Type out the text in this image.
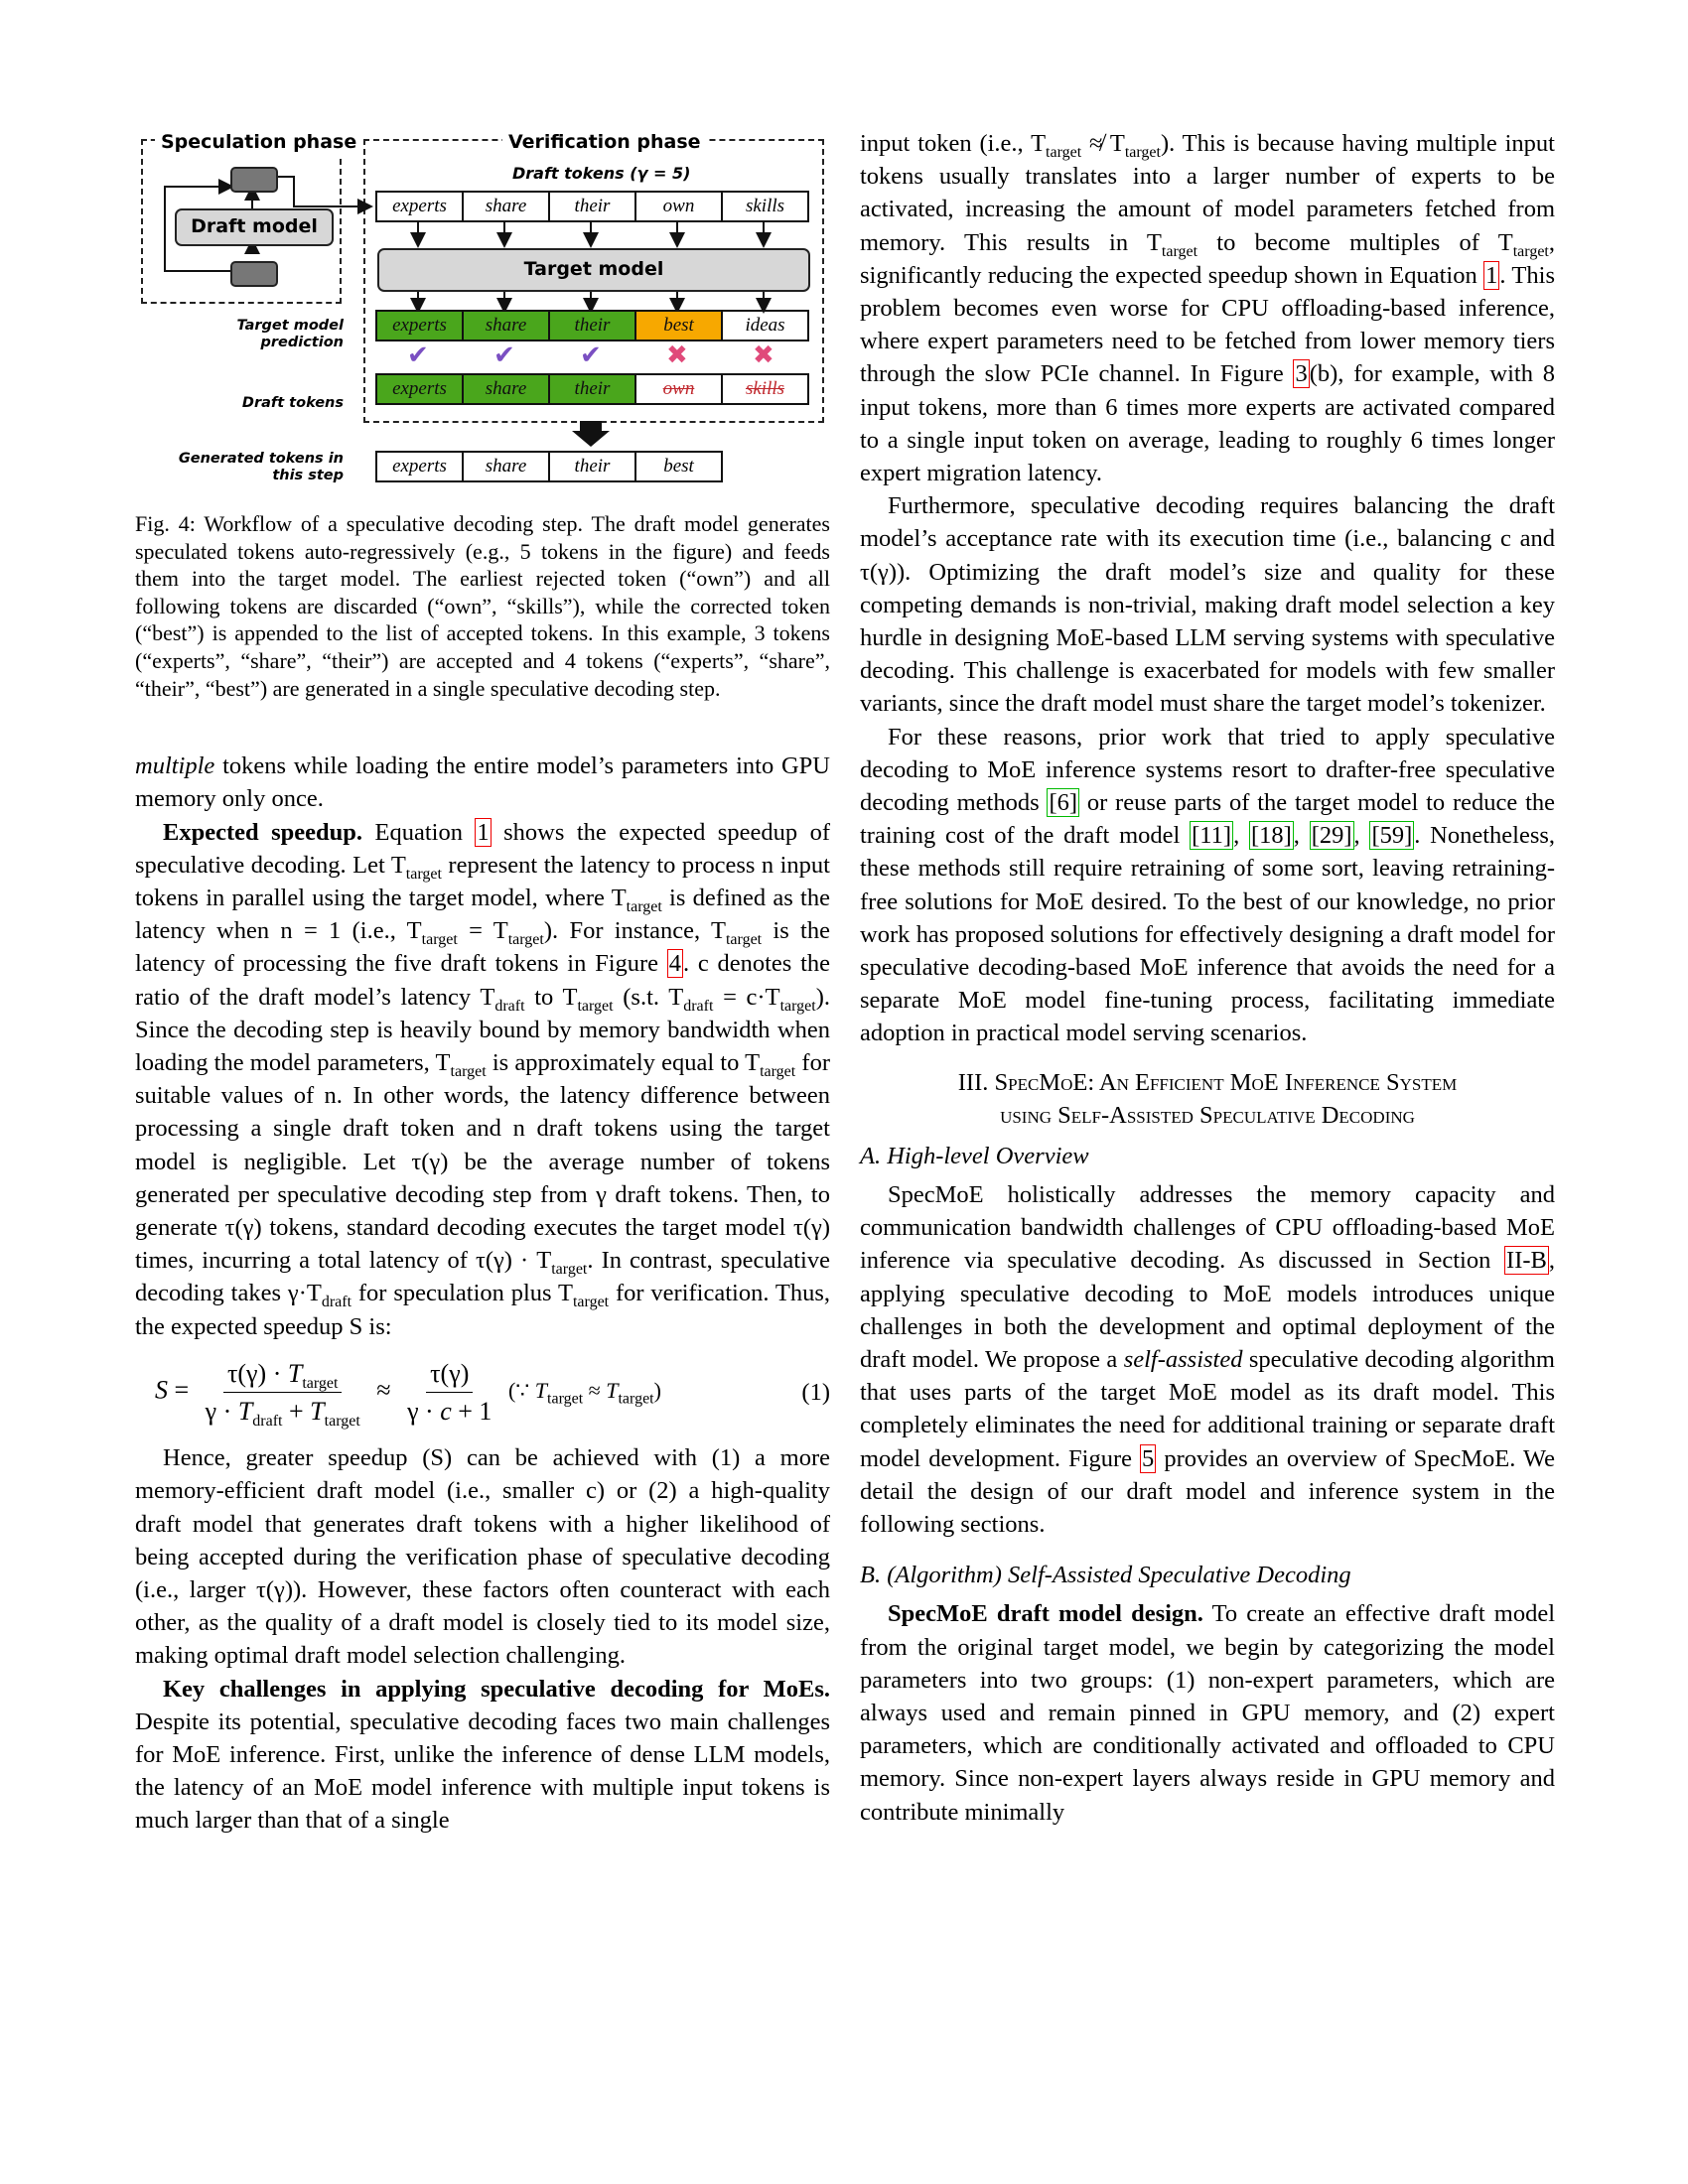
Speculation phase	Verification phase
Draft tokens (γ = 5)
Draft model
experts	share	their	own	skills
Target model
Target model prediction
experts	share	their	best	ideas
✔	✔	✔	✖	✖
Draft tokens
experts	share	their	own	skills
Generated tokens in this step	experts	share	their	best

Fig. 4: Workflow of a speculative decoding step. The draft model generates speculated tokens auto-regressively (e.g., 5 tokens in the figure) and feeds them into the target model. The earliest rejected token (“own”) and all following tokens are discarded (“own”, “skills”), while the corrected token (“best”) is appended to the list of accepted tokens. In this example, 3 tokens (“experts”, “share”, “their”) are accepted and 4 tokens (“experts”, “share”, “their”, “best”) are generated in a single speculative decoding step.

multiple tokens while loading the entire model’s parameters into GPU memory only once.

Expected speedup. Equation 1 shows the expected speedup of speculative decoding. Let $T_{target}$ represent the latency to process n input tokens in parallel using the target model, where $T_{target}$ is defined as the latency when n = 1 (i.e., $T_{target} = T_{target}$). For instance, $T_{target}$ is the latency of processing the five draft tokens in Figure 4. c denotes the ratio of the draft model’s latency $T_{draft}$ to $T_{target}$ (s.t. $T_{draft} = c\cdot T_{target}$). Since the decoding step is heavily bound by memory bandwidth when loading the model parameters, $T_{target}$ is approximately equal to $T_{target}$ for suitable values of n. In other words, the latency difference between processing a single draft token and n draft tokens using the target model is negligible. Let τ(γ) be the average number of tokens generated per speculative decoding step from γ draft tokens. Then, to generate τ(γ) tokens, standard decoding executes the target model τ(γ) times, incurring a total latency of $\tau(\gamma) \cdot T_{target}$. In contrast, speculative decoding takes $\gamma\cdot T_{draft}$ for speculation plus $T_{target}$ for verification. Thus, the expected speedup S is:

$S = \frac{\tau(\gamma) \cdot T_{target}}{\gamma \cdot T_{draft} + T_{target}} \approx \frac{\tau(\gamma)}{\gamma \cdot c + 1}$ (∵ $T_{target} \approx T_{target}$)	(1)

Hence, greater speedup (S) can be achieved with (1) a more memory-efficient draft model (i.e., smaller c) or (2) a high-quality draft model that generates draft tokens with a higher likelihood of being accepted during the verification phase of speculative decoding (i.e., larger τ(γ)). However, these factors often counteract with each other, as the quality of a draft model is closely tied to its model size, making optimal draft model selection challenging.

Key challenges in applying speculative decoding for MoEs. Despite its potential, speculative decoding faces two main challenges for MoE inference. First, unlike the inference of dense LLM models, the latency of an MoE model inference with multiple input tokens is much larger than that of a single

input token (i.e., $T_{target}$ ≉ $T_{target}$). This is because having multiple input tokens usually translates into a larger number of experts to be activated, increasing the amount of model parameters fetched from memory. This results in $T_{target}$ to become multiples of $T_{target}$, significantly reducing the expected speedup shown in Equation 1. This problem becomes even worse for CPU offloading-based inference, where expert parameters need to be fetched from lower memory tiers through the slow PCIe channel. In Figure 3(b), for example, with 8 input tokens, more than 6 times more experts are activated compared to a single input token on average, leading to roughly 6 times longer expert migration latency.

Furthermore, speculative decoding requires balancing the draft model’s acceptance rate with its execution time (i.e., balancing c and τ(γ)). Optimizing the draft model’s size and quality for these competing demands is non-trivial, making draft model selection a key hurdle in designing MoE-based LLM serving systems with speculative decoding. This challenge is exacerbated for models with few smaller variants, since the draft model must share the target model’s tokenizer.

For these reasons, prior work that tried to apply speculative decoding to MoE inference systems resort to drafter-free speculative decoding methods [6] or reuse parts of the target model to reduce the training cost of the draft model [11], [18], [29], [59]. Nonetheless, these methods still require retraining of some sort, leaving retraining-free solutions for MoE desired. To the best of our knowledge, no prior work has proposed solutions for effectively designing a draft model for speculative decoding-based MoE inference that avoids the need for a separate MoE model fine-tuning process, facilitating immediate adoption in practical model serving scenarios.

III. SpecMoE: An Efficient MoE Inference System
using Self-Assisted Speculative Decoding
A. High-level Overview

SpecMoE holistically addresses the memory capacity and communication bandwidth challenges of CPU offloading-based MoE inference via speculative decoding. As discussed in Section II-B, applying speculative decoding to MoE models introduces unique challenges in both the development and optimal deployment of the draft model. We propose a self-assisted speculative decoding algorithm that uses parts of the target MoE model as its draft model. This completely eliminates the need for additional training or separate draft model development. Figure 5 provides an overview of SpecMoE. We detail the design of our draft model and inference system in the following sections.

B. (Algorithm) Self-Assisted Speculative Decoding

SpecMoE draft model design. To create an effective draft model from the original target model, we begin by categorizing the model parameters into two groups: (1) non-expert parameters, which are always used and remain pinned in GPU memory, and (2) expert parameters, which are conditionally activated and offloaded to CPU memory. Since non-expert layers always reside in GPU memory and contribute minimally
